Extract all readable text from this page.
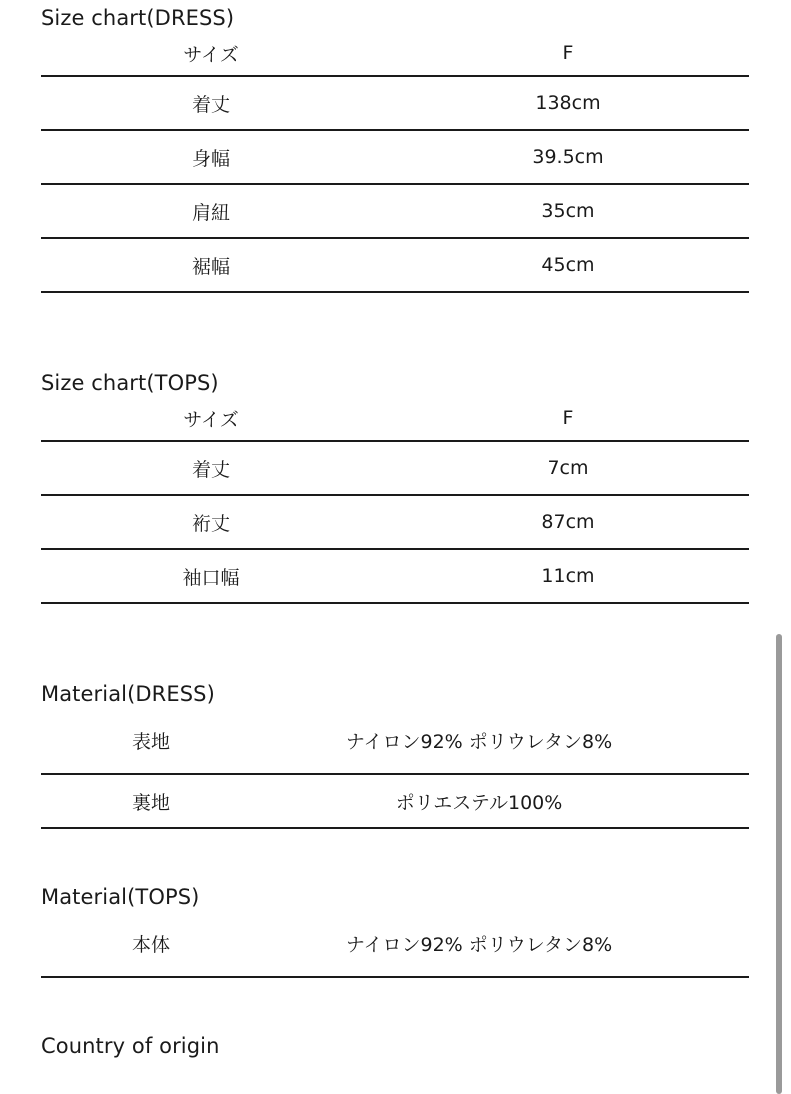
Size chart(DRESS)
サイズ	F
着丈	138cm
身幅	39.5cm
肩紐	35cm
裾幅	45cm
Size chart(TOPS)
サイズ	F
着丈	7cm
裄丈	87cm
袖口幅	11cm
Material(DRESS)
表地	ナイロン92% ポリウレタン8%
裏地	ポリエステル100%
Material(TOPS)
本体	ナイロン92% ポリウレタン8%
Country of origin
